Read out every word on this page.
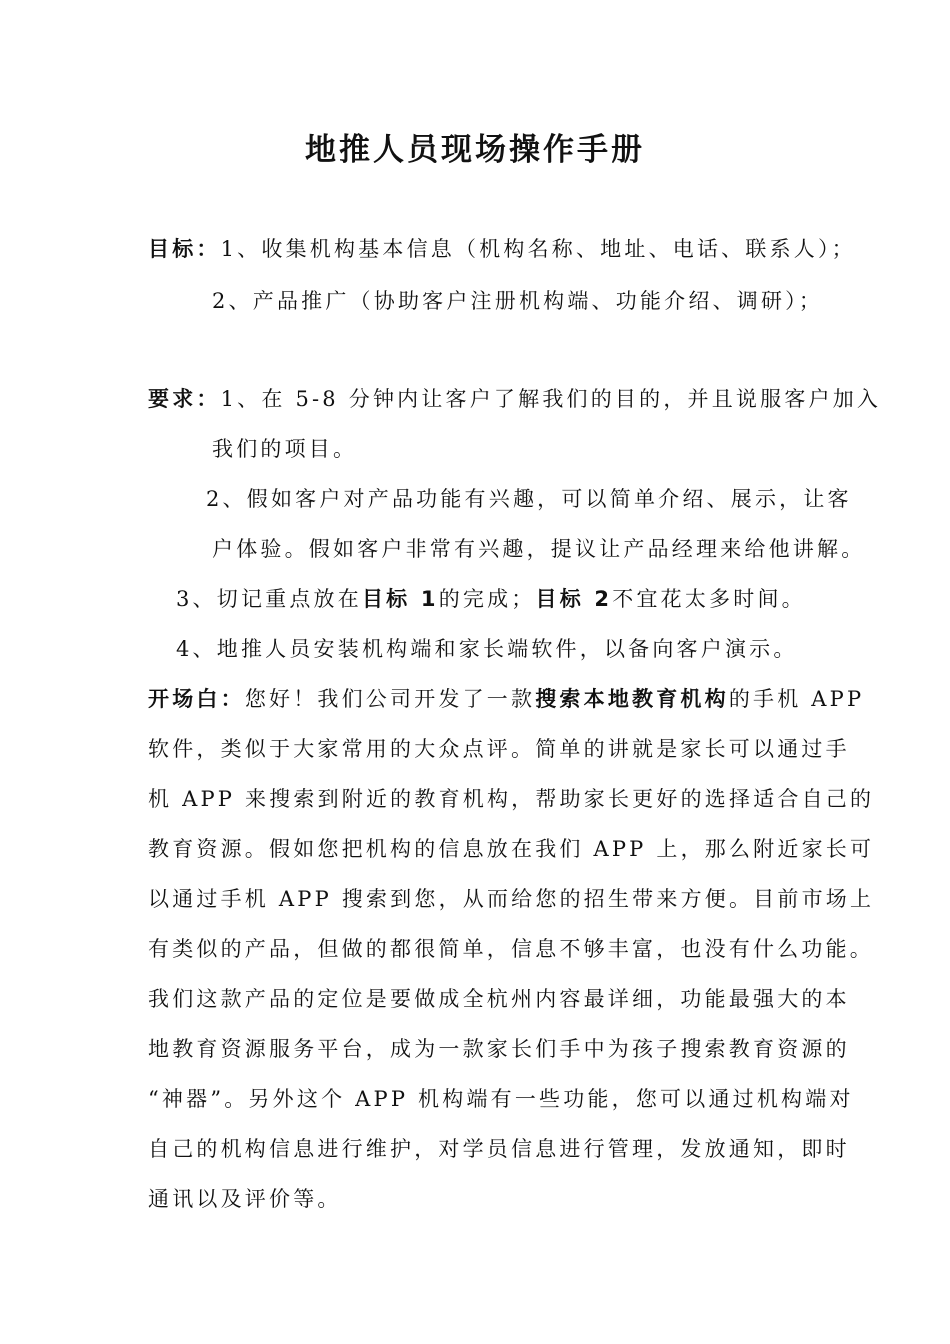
地推人员现场操作手册
目标：1、收集机构基本信息（机构名称、地址、电话、联系人）；
2、产品推广（协助客户注册机构端、功能介绍、调研）；
要求：1、在 5-8 分钟内让客户了解我们的目的，并且说服客户加入
我们的项目。
2、假如客户对产品功能有兴趣，可以简单介绍、展示，让客
户体验。假如客户非常有兴趣，提议让产品经理来给他讲解。
3、切记重点放在目标 1的完成；目标 2不宜花太多时间。
4、地推人员安装机构端和家长端软件，以备向客户演示。
开场白：您好！我们公司开发了一款搜索本地教育机构的手机 APP
软件，类似于大家常用的大众点评。简单的讲就是家长可以通过手
机 APP 来搜索到附近的教育机构，帮助家长更好的选择适合自己的
教育资源。假如您把机构的信息放在我们 APP 上，那么附近家长可
以通过手机 APP 搜索到您，从而给您的招生带来方便。目前市场上
有类似的产品，但做的都很简单，信息不够丰富，也没有什么功能。
我们这款产品的定位是要做成全杭州内容最详细，功能最强大的本
地教育资源服务平台，成为一款家长们手中为孩子搜索教育资源的
“神器”。另外这个 APP 机构端有一些功能，您可以通过机构端对
自己的机构信息进行维护，对学员信息进行管理，发放通知，即时
通讯以及评价等。
